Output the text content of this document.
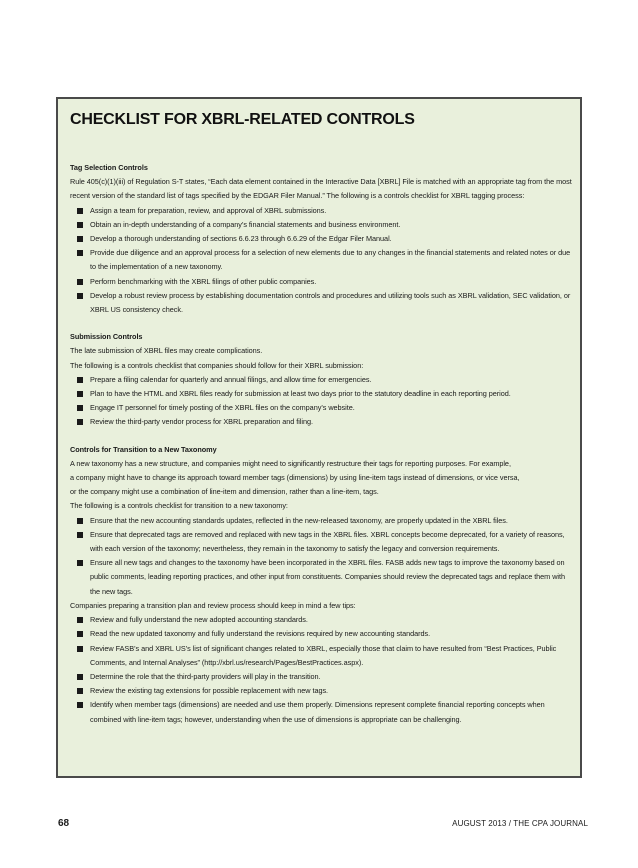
CHECKLIST FOR XBRL-RELATED CONTROLS
Tag Selection Controls
Rule 405(c)(1)(iii) of Regulation S-T states, “Each data element contained in the Interactive Data [XBRL] File is matched with an appropriate tag from the most recent version of the standard list of tags specified by the EDGAR Filer Manual.” The following is a controls checklist for XBRL tagging process:
Assign a team for preparation, review, and approval of XBRL submissions.
Obtain an in-depth understanding of a company’s financial statements and business environment.
Develop a thorough understanding of sections 6.6.23 through 6.6.29 of the Edgar Filer Manual.
Provide due diligence and an approval process for a selection of new elements due to any changes in the financial statements and related notes or due to the implementation of a new taxonomy.
Perform benchmarking with the XBRL filings of other public companies.
Develop a robust review process by establishing documentation controls and procedures and utilizing tools such as XBRL validation, SEC validation, or XBRL US consistency check.
Submission Controls
The late submission of XBRL files may create complications.
The following is a controls checklist that companies should follow for their XBRL submission:
Prepare a filing calendar for quarterly and annual filings, and allow time for emergencies.
Plan to have the HTML and XBRL files ready for submission at least two days prior to the statutory deadline in each reporting period.
Engage IT personnel for timely posting of the XBRL files on the company’s website.
Review the third-party vendor process for XBRL preparation and filing.
Controls for Transition to a New Taxonomy
A new taxonomy has a new structure, and companies might need to significantly restructure their tags for reporting purposes. For example,
a company might have to change its approach toward member tags (dimensions) by using line-item tags instead of dimensions, or vice versa,
or the company might use a combination of line-item and dimension, rather than a line-item, tags.
The following is a controls checklist for transition to a new taxonomy:
Ensure that the new accounting standards updates, reflected in the new-released taxonomy, are properly updated in the XBRL files.
Ensure that deprecated tags are removed and replaced with new tags in the XBRL files. XBRL concepts become deprecated, for a variety of reasons, with each version of the taxonomy; nevertheless, they remain in the taxonomy to satisfy the legacy and conversion requirements.
Ensure all new tags and changes to the taxonomy have been incorporated in the XBRL files. FASB adds new tags to improve the taxonomy based on public comments, leading reporting practices, and other input from constituents. Companies should review the deprecated tags and replace them with the new tags.
Companies preparing a transition plan and review process should keep in mind a few tips:
Review and fully understand the new adopted accounting standards.
Read the new updated taxonomy and fully understand the revisions required by new accounting standards.
Review FASB’s and XBRL US’s list of significant changes related to XBRL, especially those that claim to have resulted from “Best Practices, Public Comments, and Internal Analyses” (http://xbrl.us/research/Pages/BestPractices.aspx).
Determine the role that the third-party providers will play in the transition.
Review the existing tag extensions for possible replacement with new tags.
Identify when member tags (dimensions) are needed and use them properly. Dimensions represent complete financial reporting concepts when combined with line-item tags; however, understanding when the use of dimensions is appropriate can be challenging.
68	AUGUST 2013 / THE CPA JOURNAL
